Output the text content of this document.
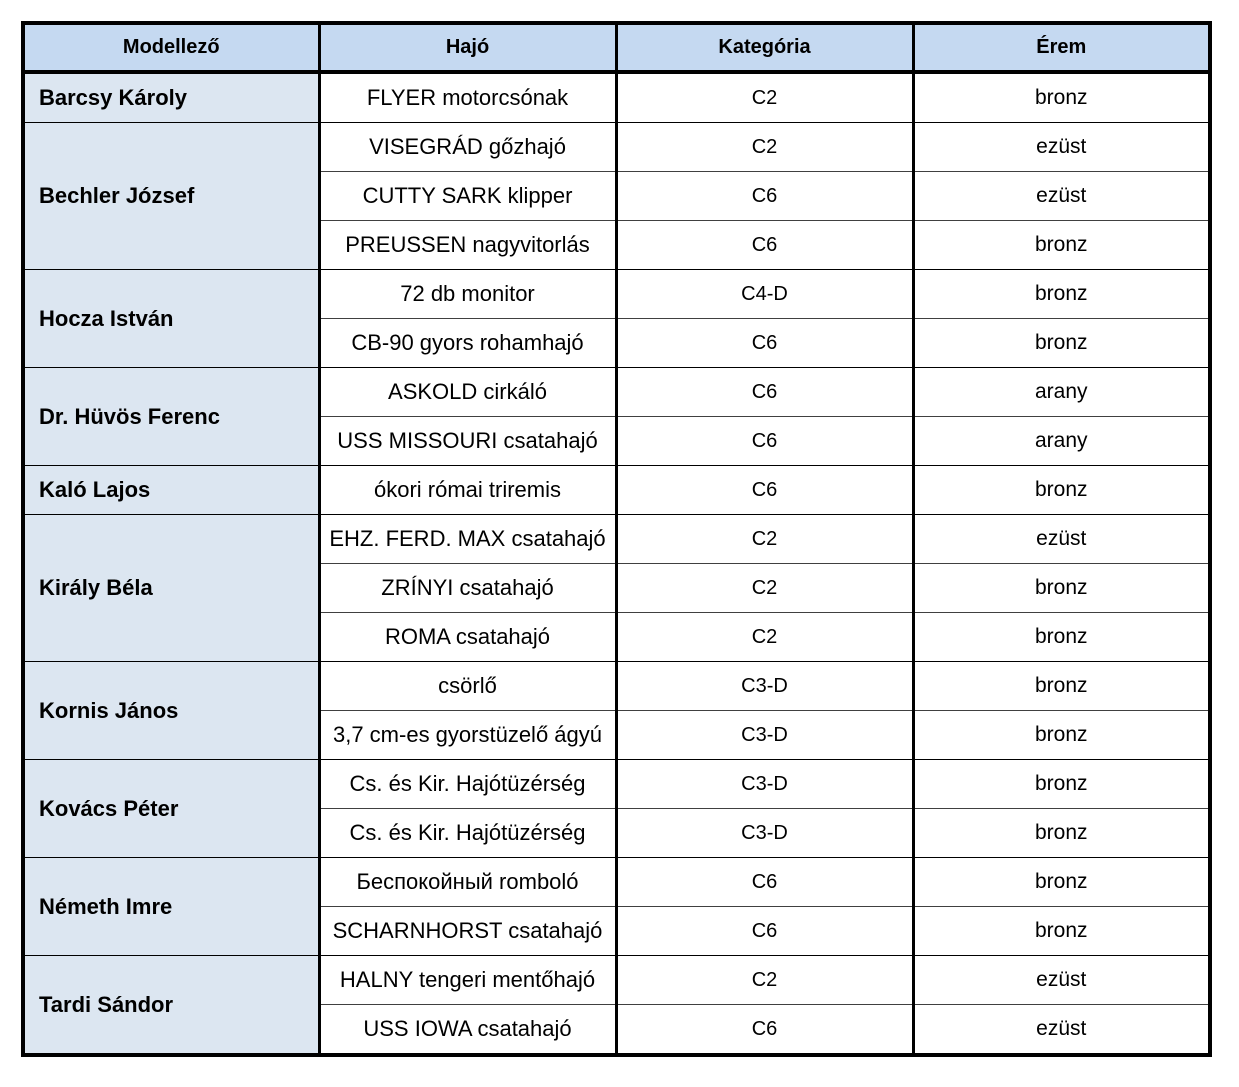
Modellező	Hajó	Kategória	Érem
Barcsy Károly	FLYER motorcsónak	C2	bronz
Bechler József	VISEGRÁD gőzhajó	C2	ezüst
	CUTTY SARK klipper	C6	ezüst
	PREUSSEN nagyvitorlás	C6	bronz
Hocza István	72 db monitor	C4-D	bronz
	CB-90 gyors rohamhajó	C6	bronz
Dr. Hüvös Ferenc	ASKOLD cirkáló	C6	arany
	USS MISSOURI csatahajó	C6	arany
Kaló Lajos	ókori római triremis	C6	bronz
Király Béla	EHZ. FERD. MAX csatahajó	C2	ezüst
	ZRÍNYI csatahajó	C2	bronz
	ROMA csatahajó	C2	bronz
Kornis János	csörlő	C3-D	bronz
	3,7 cm-es gyorstüzelő ágyú	C3-D	bronz
Kovács Péter	Cs. és Kir. Hajótüzérség	C3-D	bronz
	Cs. és Kir. Hajótüzérség	C3-D	bronz
Németh Imre	Беспокойный romboló	C6	bronz
	SCHARNHORST csatahajó	C6	bronz
Tardi Sándor	HALNY tengeri mentőhajó	C2	ezüst
	USS IOWA csatahajó	C6	ezüst
